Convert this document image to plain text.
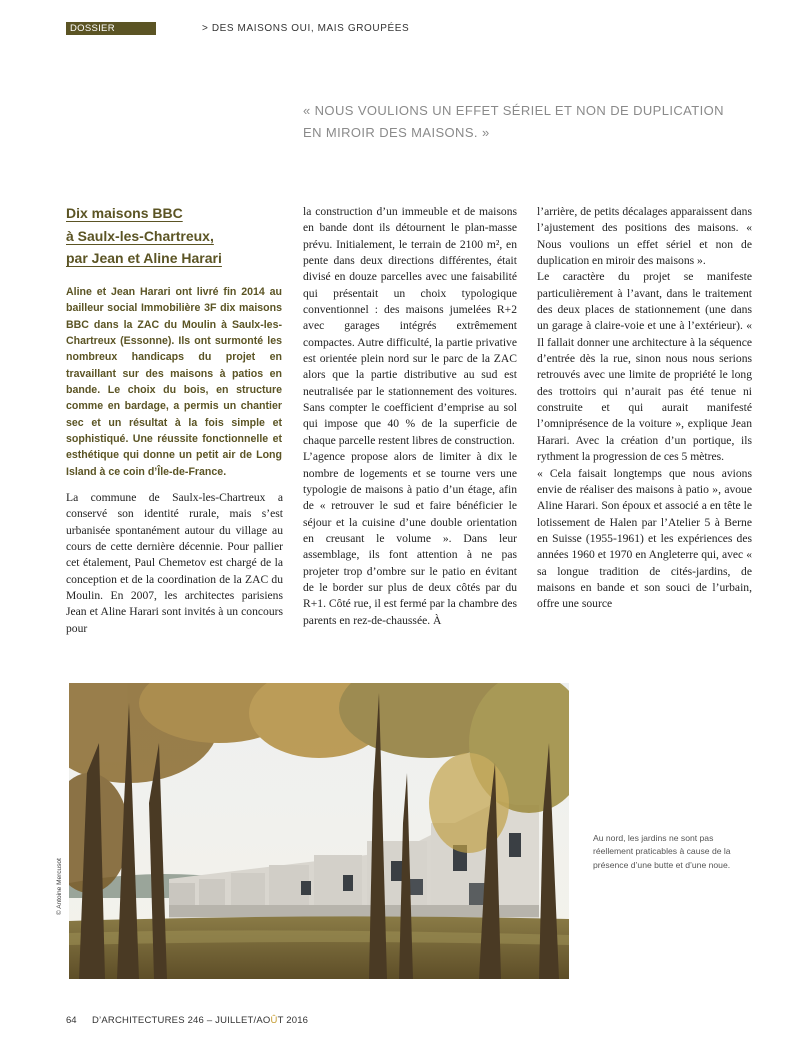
DOSSIER	> DES MAISONS OUI, MAIS GROUPÉES
« NOUS VOULIONS UN EFFET SÉRIEL ET NON DE DUPLICATION
EN MIROIR DES MAISONS. »
Dix maisons BBC
à Saulx-les-Chartreux,
par Jean et Aline Harari
Aline et Jean Harari ont livré fin 2014 au bailleur social Immobilière 3F dix maisons BBC dans la ZAC du Moulin à Saulx-les-Chartreux (Essonne). Ils ont surmonté les nombreux handicaps du projet en travaillant sur des maisons à patios en bande. Le choix du bois, en structure comme en bardage, a permis un chantier sec et un résultat à la fois simple et sophistiqué. Une réussite fonctionnelle et esthétique qui donne un petit air de Long Island à ce coin d’Île-de-France.

La commune de Saulx-les-Chartreux a conservé son identité rurale, mais s’est urbanisée spontanément autour du village au cours de cette dernière décennie. Pour pallier cet étalement, Paul Chemetov est chargé de la conception et de la coordination de la ZAC du Moulin. En 2007, les architectes parisiens Jean et Aline Harari sont invités à un concours pour

la construction d’un immeuble et de maisons en bande dont ils détournent le plan-masse prévu. Initialement, le terrain de 2100 m², en pente dans deux directions différentes, était divisé en douze parcelles avec une faisabilité qui présentait un choix typologique conventionnel : des maisons jumelées R+2 avec garages intégrés extrêmement compactes. Autre difficulté, la partie privative est orientée plein nord sur le parc de la ZAC alors que la partie distributive au sud est neutralisée par le stationnement des voitures. Sans compter le coefficient d’emprise au sol qui impose que 40 % de la superficie de chaque parcelle restent libres de construction.

L’agence propose alors de limiter à dix le nombre de logements et se tourne vers une typologie de maisons à patio d’un étage, afin de « retrouver le sud et faire bénéficier le séjour et la cuisine d’une double orientation en creusant le volume ». Dans leur assemblage, ils font attention à ne pas projeter trop d’ombre sur le patio en évitant de le border sur plus de deux côtés par du R+1. Côté rue, il est fermé par la chambre des parents en rez-de-chaussée. À

l’arrière, de petits décalages apparaissent dans l’ajustement des positions des maisons. « Nous voulions un effet sériel et non de duplication en miroir des maisons ».

Le caractère du projet se manifeste particulièrement à l’avant, dans le traitement des deux places de stationnement (une dans un garage à claire-voie et une à l’extérieur). « Il fallait donner une architecture à la séquence d’entrée dès la rue, sinon nous nous serions retrouvés avec une limite de propriété le long des trottoirs qui n’aurait pas été tenue ni construite et qui aurait manifesté l’omniprésence de la voiture », explique Jean Harari. Avec la création d’un portique, ils rythment la progression de ces 5 mètres.

« Cela faisait longtemps que nous avions envie de réaliser des maisons à patio », avoue Aline Harari. Son époux et associé a en tête le lotissement de Halen par l’Atelier 5 à Berne en Suisse (1955-1961) et les expériences des années 1960 et 1970 en Angleterre qui, avec « sa longue tradition de cités-jardins, de maisons en bande et son souci de l’urbain, offre une source

© Antoine Mercusot
Au nord, les jardins ne sont pas réellement praticables à cause de la présence d’une butte et d’une noue.
64 D’ARCHITECTURES 246 – JUILLET/AOÛT 2016
